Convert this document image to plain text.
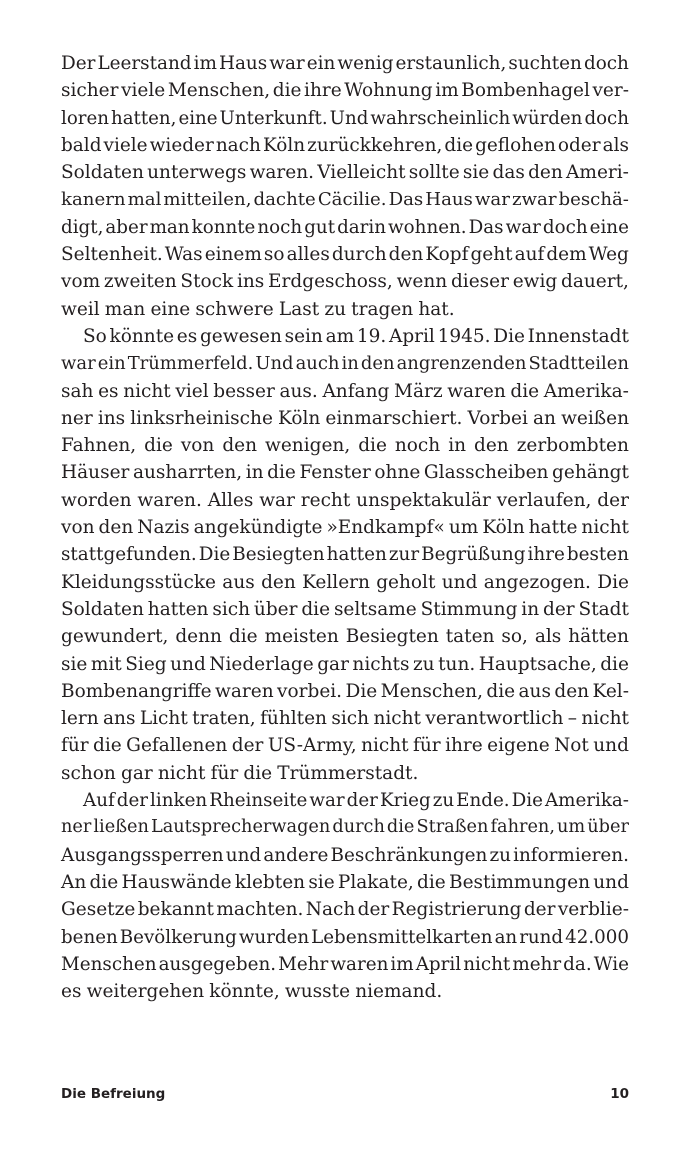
Der Leerstand im Haus war ein wenig erstaunlich, suchten doch
sicher viele Menschen, die ihre Wohnung im Bombenhagel ver-
loren hatten, eine Unterkunft. Und wahrscheinlich würden doch
bald viele wieder nach Köln zurückkehren, die geflohen oder als
Soldaten unterwegs waren. Vielleicht sollte sie das den Ameri-
kanern mal mitteilen, dachte Cäcilie. Das Haus war zwar beschä-
digt, aber man konnte noch gut darin wohnen. Das war doch eine
Seltenheit. Was einem so alles durch den Kopf geht auf dem Weg
vom zweiten Stock ins Erdgeschoss, wenn dieser ewig dauert,
weil man eine schwere Last zu tragen hat.
So könnte es gewesen sein am 19. April 1945. Die Innenstadt
war ein Trümmerfeld. Und auch in den angrenzenden Stadtteilen
sah es nicht viel besser aus. Anfang März waren die Amerika-
ner ins linksrheinische Köln einmarschiert. Vorbei an weißen
Fahnen, die von den wenigen, die noch in den zerbombten
Häuser ausharrten, in die Fenster ohne Glasscheiben gehängt
worden waren. Alles war recht unspektakulär verlaufen, der
von den Nazis angekündigte »Endkampf« um Köln hatte nicht
stattgefunden. Die Besiegten hatten zur Begrüßung ihre besten
Kleidungsstücke aus den Kellern geholt und angezogen. Die
Soldaten hatten sich über die seltsame Stimmung in der Stadt
gewundert, denn die meisten Besiegten taten so, als hätten
sie mit Sieg und Niederlage gar nichts zu tun. Hauptsache, die
Bombenangriffe waren vorbei. Die Menschen, die aus den Kel-
lern ans Licht traten, fühlten sich nicht verantwortlich – nicht
für die Gefallenen der US-Army, nicht für ihre eigene Not und
schon gar nicht für die Trümmerstadt.
Auf der linken Rheinseite war der Krieg zu Ende. Die Amerika-
ner ließen Lautsprecherwagen durch die Straßen fahren, um über
Ausgangssperren und andere Beschränkungen zu informieren.
An die Hauswände klebten sie Plakate, die Bestimmungen und
Gesetze bekannt machten. Nach der Registrierung der verblie-
benen Bevölkerung wurden Lebensmittelkarten an rund 42.000
Menschen ausgegeben. Mehr waren im April nicht mehr da. Wie
es weitergehen könnte, wusste niemand.
Die Befreiung	10
